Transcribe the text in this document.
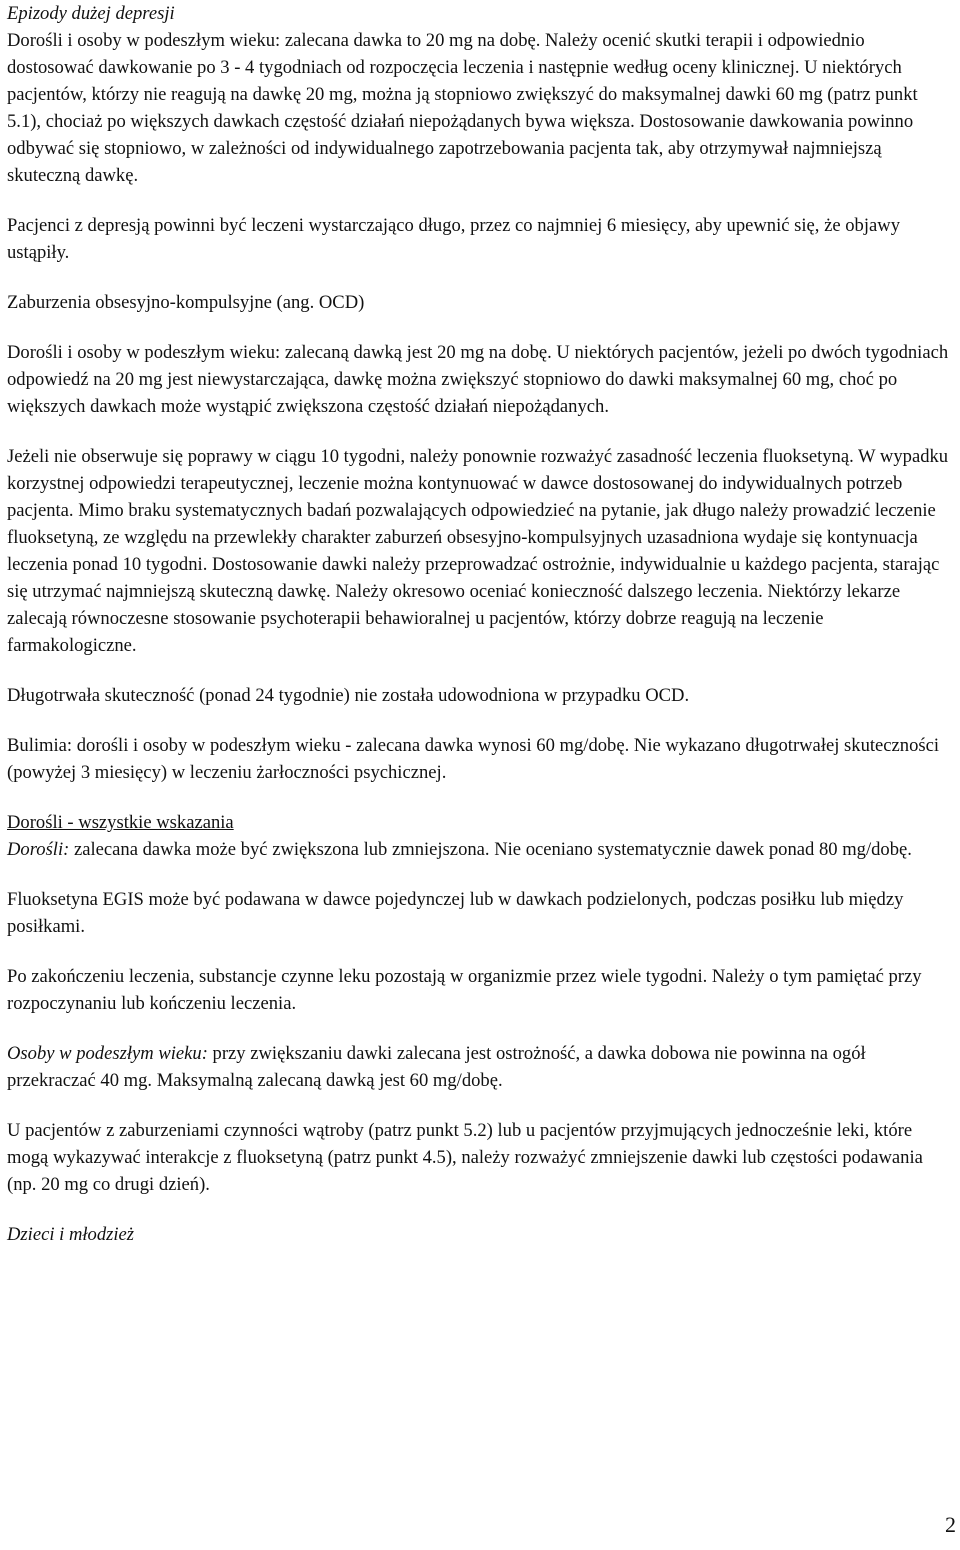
Epizody dużej depresji

Dorośli i osoby w podeszłym wieku: zalecana dawka to 20 mg na dobę. Należy ocenić skutki terapii i odpowiednio dostosować dawkowanie po 3 - 4 tygodniach od rozpoczęcia leczenia i następnie według oceny klinicznej. U niektórych pacjentów, którzy nie reagują na dawkę 20 mg, można ją stopniowo zwiększyć do maksymalnej dawki 60 mg (patrz punkt 5.1), chociaż po większych dawkach częstość działań niepożądanych bywa większa. Dostosowanie dawkowania powinno odbywać się stopniowo, w zależności od indywidualnego zapotrzebowania pacjenta tak, aby otrzymywał najmniejszą skuteczną dawkę.

Pacjenci z depresją powinni być leczeni wystarczająco długo, przez co najmniej 6 miesięcy, aby upewnić się, że objawy ustąpiły.

Zaburzenia obsesyjno-kompulsyjne (ang. OCD)

Dorośli i osoby w podeszłym wieku: zalecaną dawką jest 20 mg na dobę. U niektórych pacjentów, jeżeli po dwóch tygodniach odpowiedź na 20 mg jest niewystarczająca, dawkę można zwiększyć stopniowo do dawki maksymalnej 60 mg, choć po większych dawkach może wystąpić zwiększona częstość działań niepożądanych.

Jeżeli nie obserwuje się poprawy w ciągu 10 tygodni, należy ponownie rozważyć zasadność leczenia fluoksetyną. W wypadku korzystnej odpowiedzi terapeutycznej, leczenie można kontynuować w dawce dostosowanej do indywidualnych potrzeb pacjenta. Mimo braku systematycznych badań pozwalających odpowiedzieć na pytanie, jak długo należy prowadzić leczenie fluoksetyną, ze względu na przewlekły charakter zaburzeń obsesyjno-kompulsyjnych uzasadniona wydaje się kontynuacja leczenia ponad 10 tygodni. Dostosowanie dawki należy przeprowadzać ostrożnie, indywidualnie u każdego pacjenta, starając się utrzymać najmniejszą skuteczną dawkę. Należy okresowo oceniać konieczność dalszego leczenia. Niektórzy lekarze zalecają równoczesne stosowanie psychoterapii behawioralnej u pacjentów, którzy dobrze reagują na leczenie farmakologiczne.

Długotrwała skuteczność (ponad 24 tygodnie) nie została udowodniona w przypadku OCD.

Bulimia: dorośli i osoby w podeszłym wieku - zalecana dawka wynosi 60 mg/dobę. Nie wykazano długotrwałej skuteczności (powyżej 3 miesięcy) w leczeniu żarłoczności psychicznej.

Dorośli - wszystkie wskazania

Dorośli: zalecana dawka może być zwiększona lub zmniejszona. Nie oceniano systematycznie dawek ponad 80 mg/dobę.

Fluoksetyna EGIS może być podawana w dawce pojedynczej lub w dawkach podzielonych, podczas posiłku lub między posiłkami.

Po zakończeniu leczenia, substancje czynne leku pozostają w organizmie przez wiele tygodni. Należy o tym pamiętać przy rozpoczynaniu lub kończeniu leczenia.

Osoby w podeszłym wieku: przy zwiększaniu dawki zalecana jest ostrożność, a dawka dobowa nie powinna na ogół przekraczać 40 mg. Maksymalną zalecaną dawką jest 60 mg/dobę.

U pacjentów z zaburzeniami czynności wątroby (patrz punkt 5.2) lub u pacjentów przyjmujących jednocześnie leki, które mogą wykazywać interakcje z fluoksetyną (patrz punkt 4.5), należy rozważyć zmniejszenie dawki lub częstości podawania (np. 20 mg co drugi dzień).

Dzieci i młodzież

2
